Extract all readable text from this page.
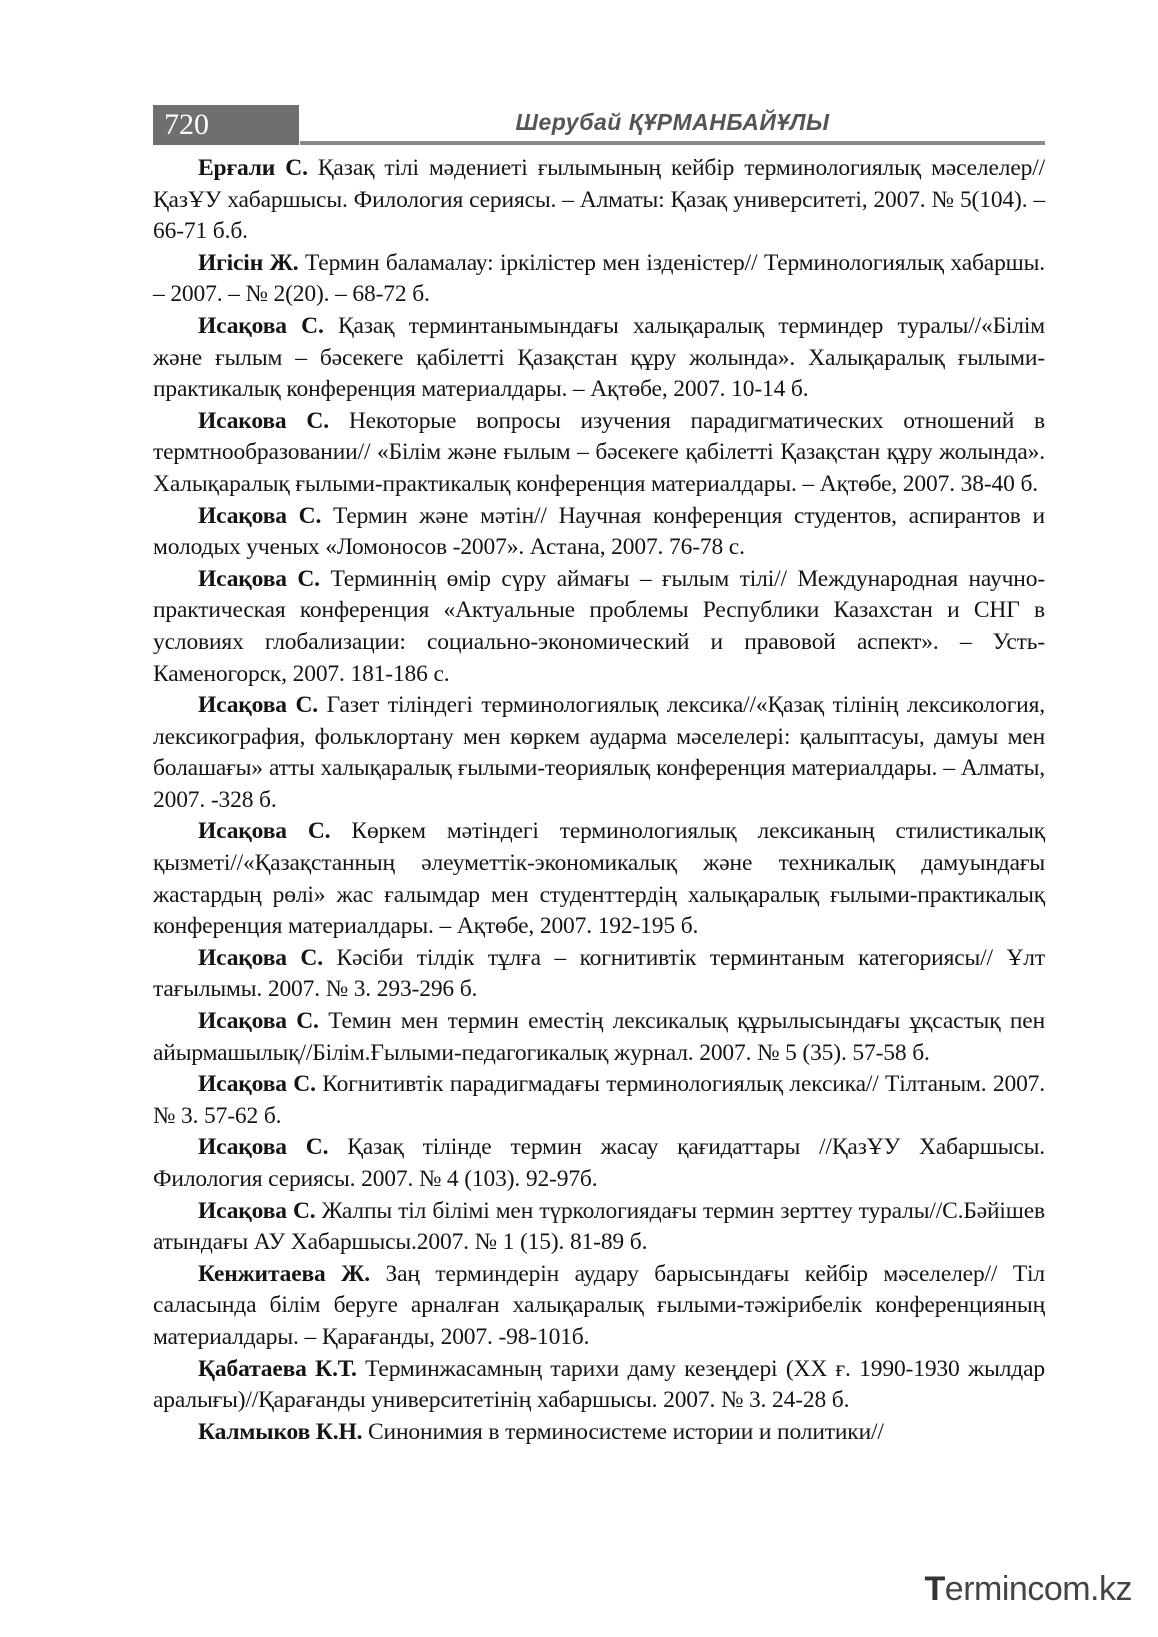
720	Шерубай ҚҰРМАНБАЙҰЛЫ

Ерғали С. Қазақ тілі мәдениеті ғылымының кейбір терминологиялық мәселелер//ҚазҰУ хабаршысы. Филология сериясы. – Алматы: Қазақ университеті, 2007. № 5(104). – 66-71 б.б.

Игісін Ж. Термин баламалау: іркілістер мен ізденістер// Терминологиялық хабаршы. – 2007. – № 2(20). – 68-72 б.

Исақова С. Қазақ терминтанымындағы халықаралық терминдер туралы//«Білім және ғылым – бәсекеге қабілетті Қазақстан құру жолында». Халықаралық ғылыми-практикалық конференция материалдары. – Ақтөбе, 2007. 10-14 б.

Исакова С. Некоторые вопросы изучения парадигматических отношений в термтнообразовании// «Білім және ғылым – бәсекеге қабілетті Қазақстан құру жолында». Халықаралық ғылыми-практикалық конференция материалдары. – Ақтөбе, 2007. 38-40 б.

Исақова С. Термин және мәтін// Научная конференция студентов, аспирантов и молодых ученых «Ломоносов -2007». Астана, 2007. 76-78 с.

Исақова С. Терминнің өмір сүру аймағы – ғылым тілі// Международная научно-практическая конференция «Актуальные проблемы Республики Казахстан и СНГ в условиях глобализации: социально-экономический и правовой аспект». – Усть-Каменогорск, 2007. 181-186 с.

Исақова С. Газет тіліндегі терминологиялық лексика//«Қазақ тілінің лексикология, лексикография, фольклортану мен көркем аударма мәселелері: қалыптасуы, дамуы мен болашағы» атты халықаралық ғылыми-теориялық конференция материалдары. – Алматы, 2007. -328 б.

Исақова С. Көркем мәтіндегі терминологиялық лексиканың стилистикалық қызметі//«Қазақстанның әлеуметтік-экономикалық және техникалық дамуындағы жастардың рөлі» жас ғалымдар мен студенттердің халықаралық ғылыми-практикалық конференция материалдары. – Ақтөбе, 2007. 192-195 б.

Исақова С. Кәсіби тілдік тұлға – когнитивтік терминтаным категориясы// Ұлт тағылымы. 2007. № 3. 293-296 б.

Исақова С. Темин мен термин еместің лексикалық құрылысындағы ұқсастық пен айырмашылық//Білім.Ғылыми-педагогикалық журнал. 2007. № 5 (35). 57-58 б.

Исақова С. Когнитивтік парадигмадағы терминологиялық лексика// Тілтаным. 2007. № 3. 57-62 б.

Исақова С. Қазақ тілінде термин жасау қағидаттары //ҚазҰУ Хабаршысы. Филология сериясы. 2007. № 4 (103). 92-97б.

Исақова С. Жалпы тіл білімі мен түркологиядағы термин зерттеу туралы//С.Бәйішев атындағы АУ Хабаршысы.2007. № 1 (15). 81-89 б.

Кенжитаева Ж. Заң терминдерін аудару барысындағы кейбір мәселелер// Тіл саласында білім беруге арналған халықаралық ғылыми-тәжірибелік конференцияның материалдары. – Қарағанды, 2007. -98-101б.

Қабатаева К.Т. Терминжасамның тарихи даму кезеңдері (ХХ ғ. 1990-1930 жылдар аралығы)//Қарағанды университетінің хабаршысы. 2007. № 3. 24-28 б.

Калмыков К.Н. Синонимия в терминосистеме истории и политики//

Termincom.kz
